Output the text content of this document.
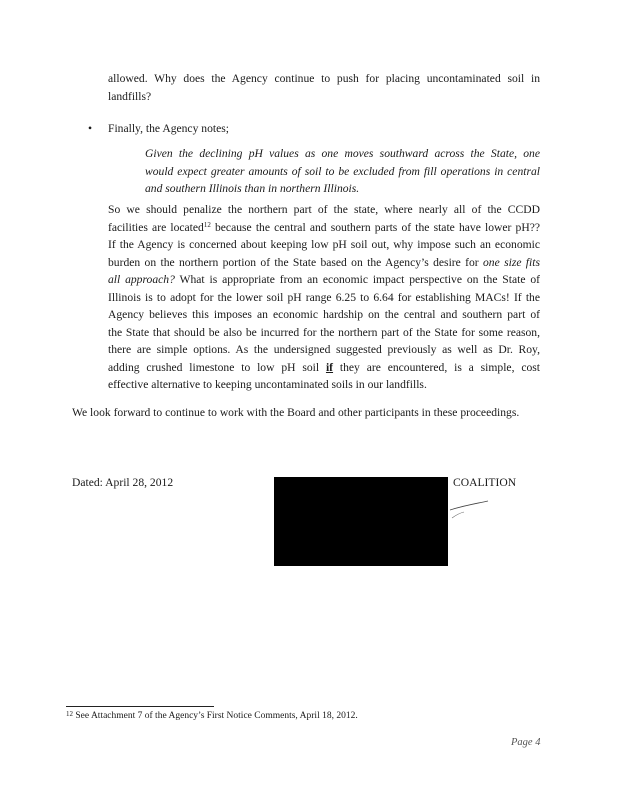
allowed. Why does the Agency continue to push for placing uncontaminated soil in
landfills?
• Finally, the Agency notes;
Given the declining pH values as one moves southward across the State, one
would expect greater amounts of soil to be excluded from fill operations in central
and southern Illinois than in northern Illinois.
So we should penalize the northern part of the state, where nearly all of the CCDD
facilities are located$^{12}$ because the central and southern parts of the state have lower pH??
If the Agency is concerned about keeping low pH soil out, why impose such an economic
burden on the northern portion of the State based on the Agency’s desire for one size fits
all approach? What is appropriate from an economic impact perspective on the State of
Illinois is to adopt for the lower soil pH range 6.25 to 6.64 for establishing MACs! If the
Agency believes this imposes an economic hardship on the central and southern part of
the State that should be also be incurred for the northern part of the State for some reason,
there are simple options. As the undersigned suggested previously as well as Dr. Roy,
adding crushed limestone to low pH soil if they are encountered, is a simple, cost
effective alternative to keeping uncontaminated soils in our landfills.
We look forward to continue to work with the Board and other participants in these proceedings.
Dated: April 28, 2012	COALITION
$^{12}$ See Attachment 7 of the Agency’s First Notice Comments, April 18, 2012.
Page 4
